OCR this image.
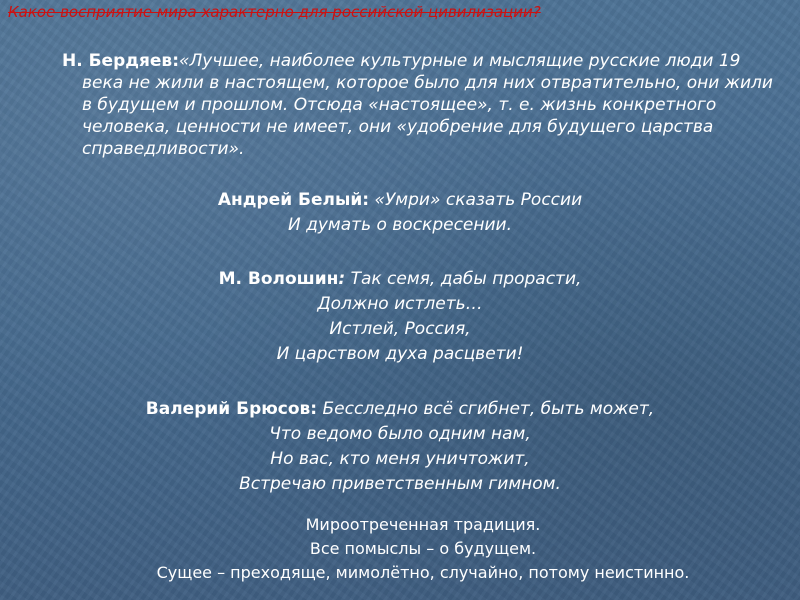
Какое восприятие мира характерно для российской цивилизации?

Н. Бердяев:«Лучшее, наиболее культурные и мыслящие русские люди 19 века не жили в настоящем, которое было для них отвратительно, они жили в будущем и прошлом. Отсюда «настоящее», т. е. жизнь конкретного человека, ценности не имеет, они «удобрение для будущего царства справедливости».

Андрей Белый: «Умри» сказать России
И думать о воскресении.
М. Волошин: Так семя, дабы прорасти,
Должно истлеть…
Истлей, Россия,
И царством духа расцвети!
Валерий Брюсов: Бесследно всё сгибнет, быть может,
Что ведомо было одним нам,
Но вас, кто меня уничтожит,
Встречаю приветственным гимном.
Мироотреченная традиция.
Все помыслы – о будущем.
Сущее – преходяще, мимолётно, случайно, потому неистинно.
